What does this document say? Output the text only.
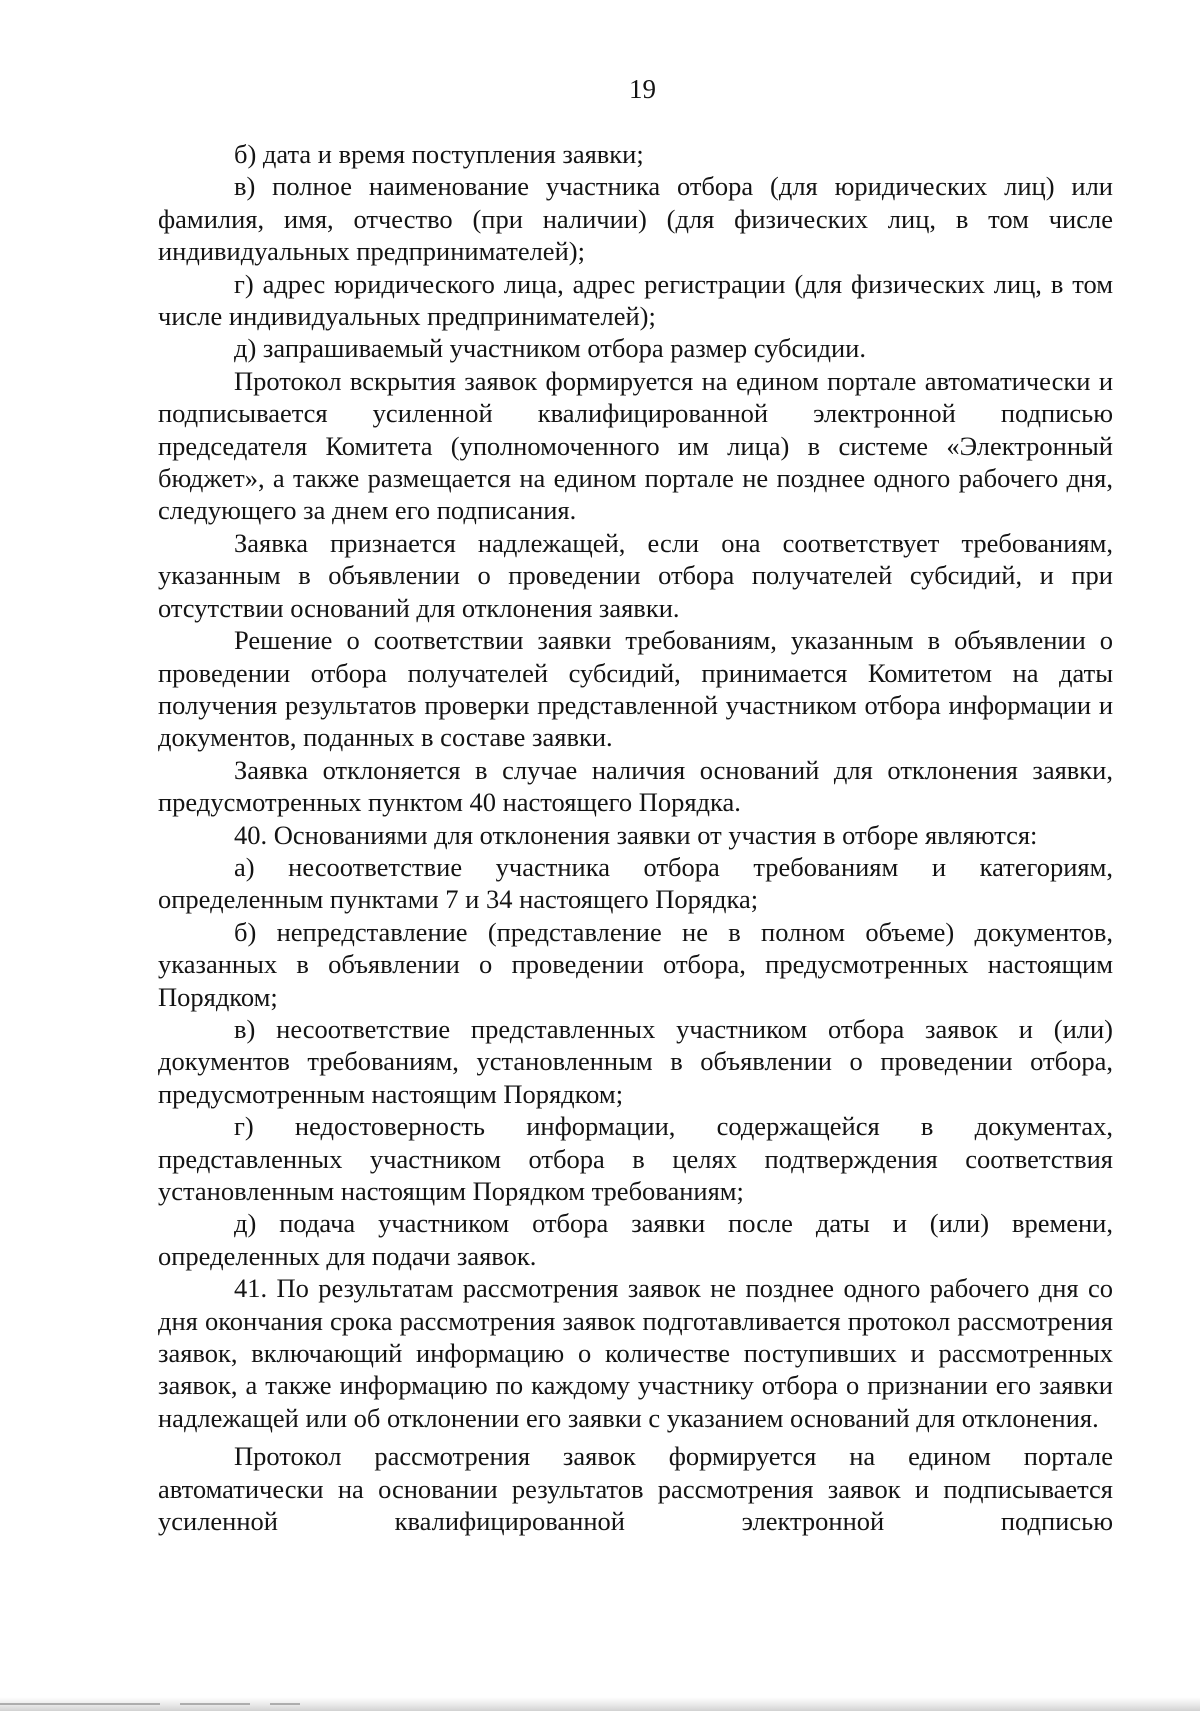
19

б) дата и время поступления заявки;

в) полное наименование участника отбора (для юридических лиц) или фамилия, имя, отчество (при наличии) (для физических лиц, в том числе индивидуальных предпринимателей);

г) адрес юридического лица, адрес регистрации (для физических лиц, в том числе индивидуальных предпринимателей);

д) запрашиваемый участником отбора размер субсидии.

Протокол вскрытия заявок формируется на едином портале автоматически и подписывается усиленной квалифицированной электронной подписью председателя Комитета (уполномоченного им лица) в системе «Электронный бюджет», а также размещается на едином портале не позднее одного рабочего дня, следующего за днем его подписания.

Заявка признается надлежащей, если она соответствует требованиям, указанным в объявлении о проведении отбора получателей субсидий, и при отсутствии оснований для отклонения заявки.

Решение о соответствии заявки требованиям, указанным в объявлении о проведении отбора получателей субсидий, принимается Комитетом на даты получения результатов проверки представленной участником отбора информации и документов, поданных в составе заявки.

Заявка отклоняется в случае наличия оснований для отклонения заявки, предусмотренных пунктом 40 настоящего Порядка.

40. Основаниями для отклонения заявки от участия в отборе являются:

а) несоответствие участника отбора требованиям и категориям, определенным пунктами 7 и 34 настоящего Порядка;

б) непредставление (представление не в полном объеме) документов, указанных в объявлении о проведении отбора, предусмотренных настоящим Порядком;

в) несоответствие представленных участником отбора заявок и (или) документов требованиям, установленным в объявлении о проведении отбора, предусмотренным настоящим Порядком;

г) недостоверность информации, содержащейся в документах, представленных участником отбора в целях подтверждения соответствия установленным настоящим Порядком требованиям;

д) подача участником отбора заявки после даты и (или) времени, определенных для подачи заявок.

41. По результатам рассмотрения заявок не позднее одного рабочего дня со дня окончания срока рассмотрения заявок подготавливается протокол рассмотрения заявок, включающий информацию о количестве поступивших и рассмотренных заявок, а также информацию по каждому участнику отбора о признании его заявки надлежащей или об отклонении его заявки с указанием оснований для отклонения.

Протокол рассмотрения заявок формируется на едином портале автоматически на основании результатов рассмотрения заявок и подписывается усиленной квалифицированной электронной подписью
